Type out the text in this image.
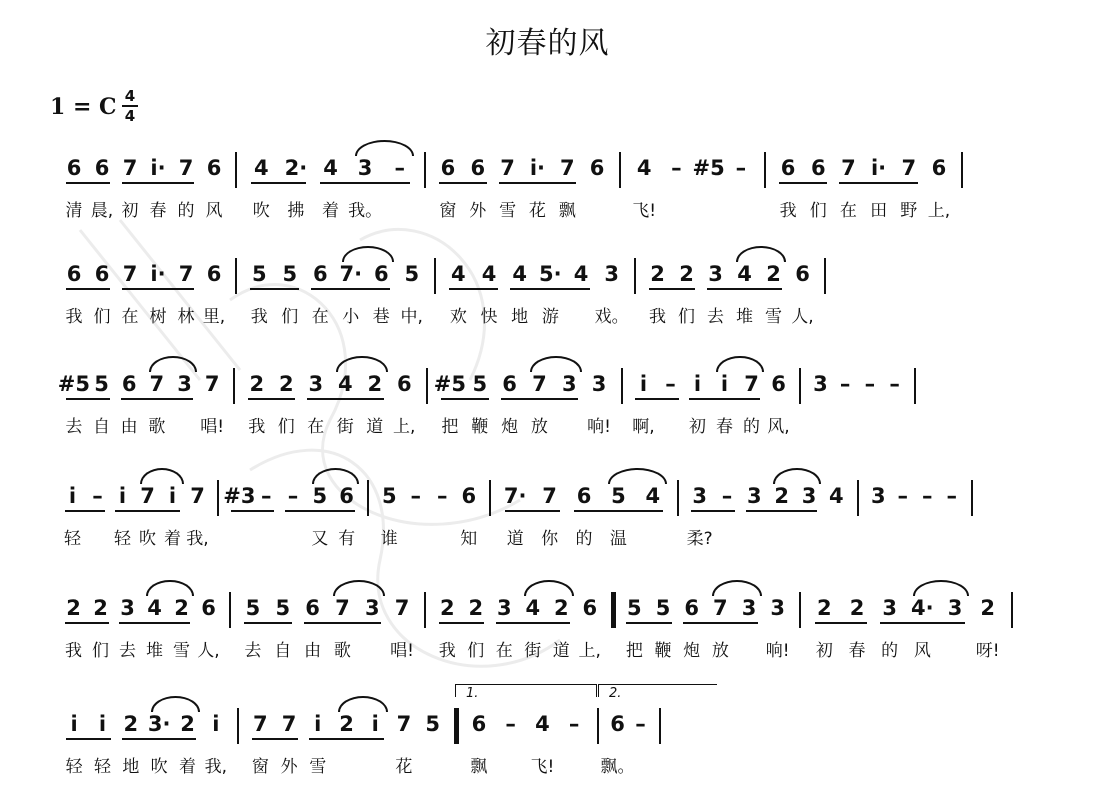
初春的风
1 = C 4
4
6
清
6
晨,
7
初
i·
春
7
的
6
风
4
吹
2·
拂
4
着
3
我。
– 6
窗
6
外
7
雪
i·
花
7
飘
6 4
飞!
– #5 – 6
我
6
们
7
在
i·
田
7
野
6
上,
6
我
6
们
7
在
i·
树
7
林
6
里,
5
我
5
们
6
在
7·
小
6
巷
5
中,
4
欢
4
快
4
地
5·
游
4 3
戏。
2
我
2
们
3
去
4
堆
2
雪
6
人,
#5
去
5
自
6
由
7
歌
3 7
唱!
2
我
2
们
3
在
4
街
2
道
6
上,
#5
把
5
鞭
6
炮
7
放
3 3
响!
i
啊,
– i
初
i
春
7
的
6
风,
3 – – –
i
轻
– i
轻
7
吹
i
着
7
我,
#3 – – 5
又
6
有
5
谁
– – 6
知
7·
道
7
你
6
的
5
温
4 3
柔?
– 3 2 3 4 3 – – –
2
我
2
们
3
去
4
堆
2
雪
6
人,
5
去
5
自
6
由
7
歌
3 7
唱!
2
我
2
们
3
在
4
街
2
道
6
上,
5
把
5
鞭
6
炮
7
放
3 3
响!
2
初
2
春
3
的
4·
风
3 2
呀!
i
轻
i
轻
2
地
3·
吹
2
着
i
我,
7
窗
7
外
i
雪
2 i 7
花
5 6
飘
– 4
飞!
– 6
飘。
–
1.	2.
